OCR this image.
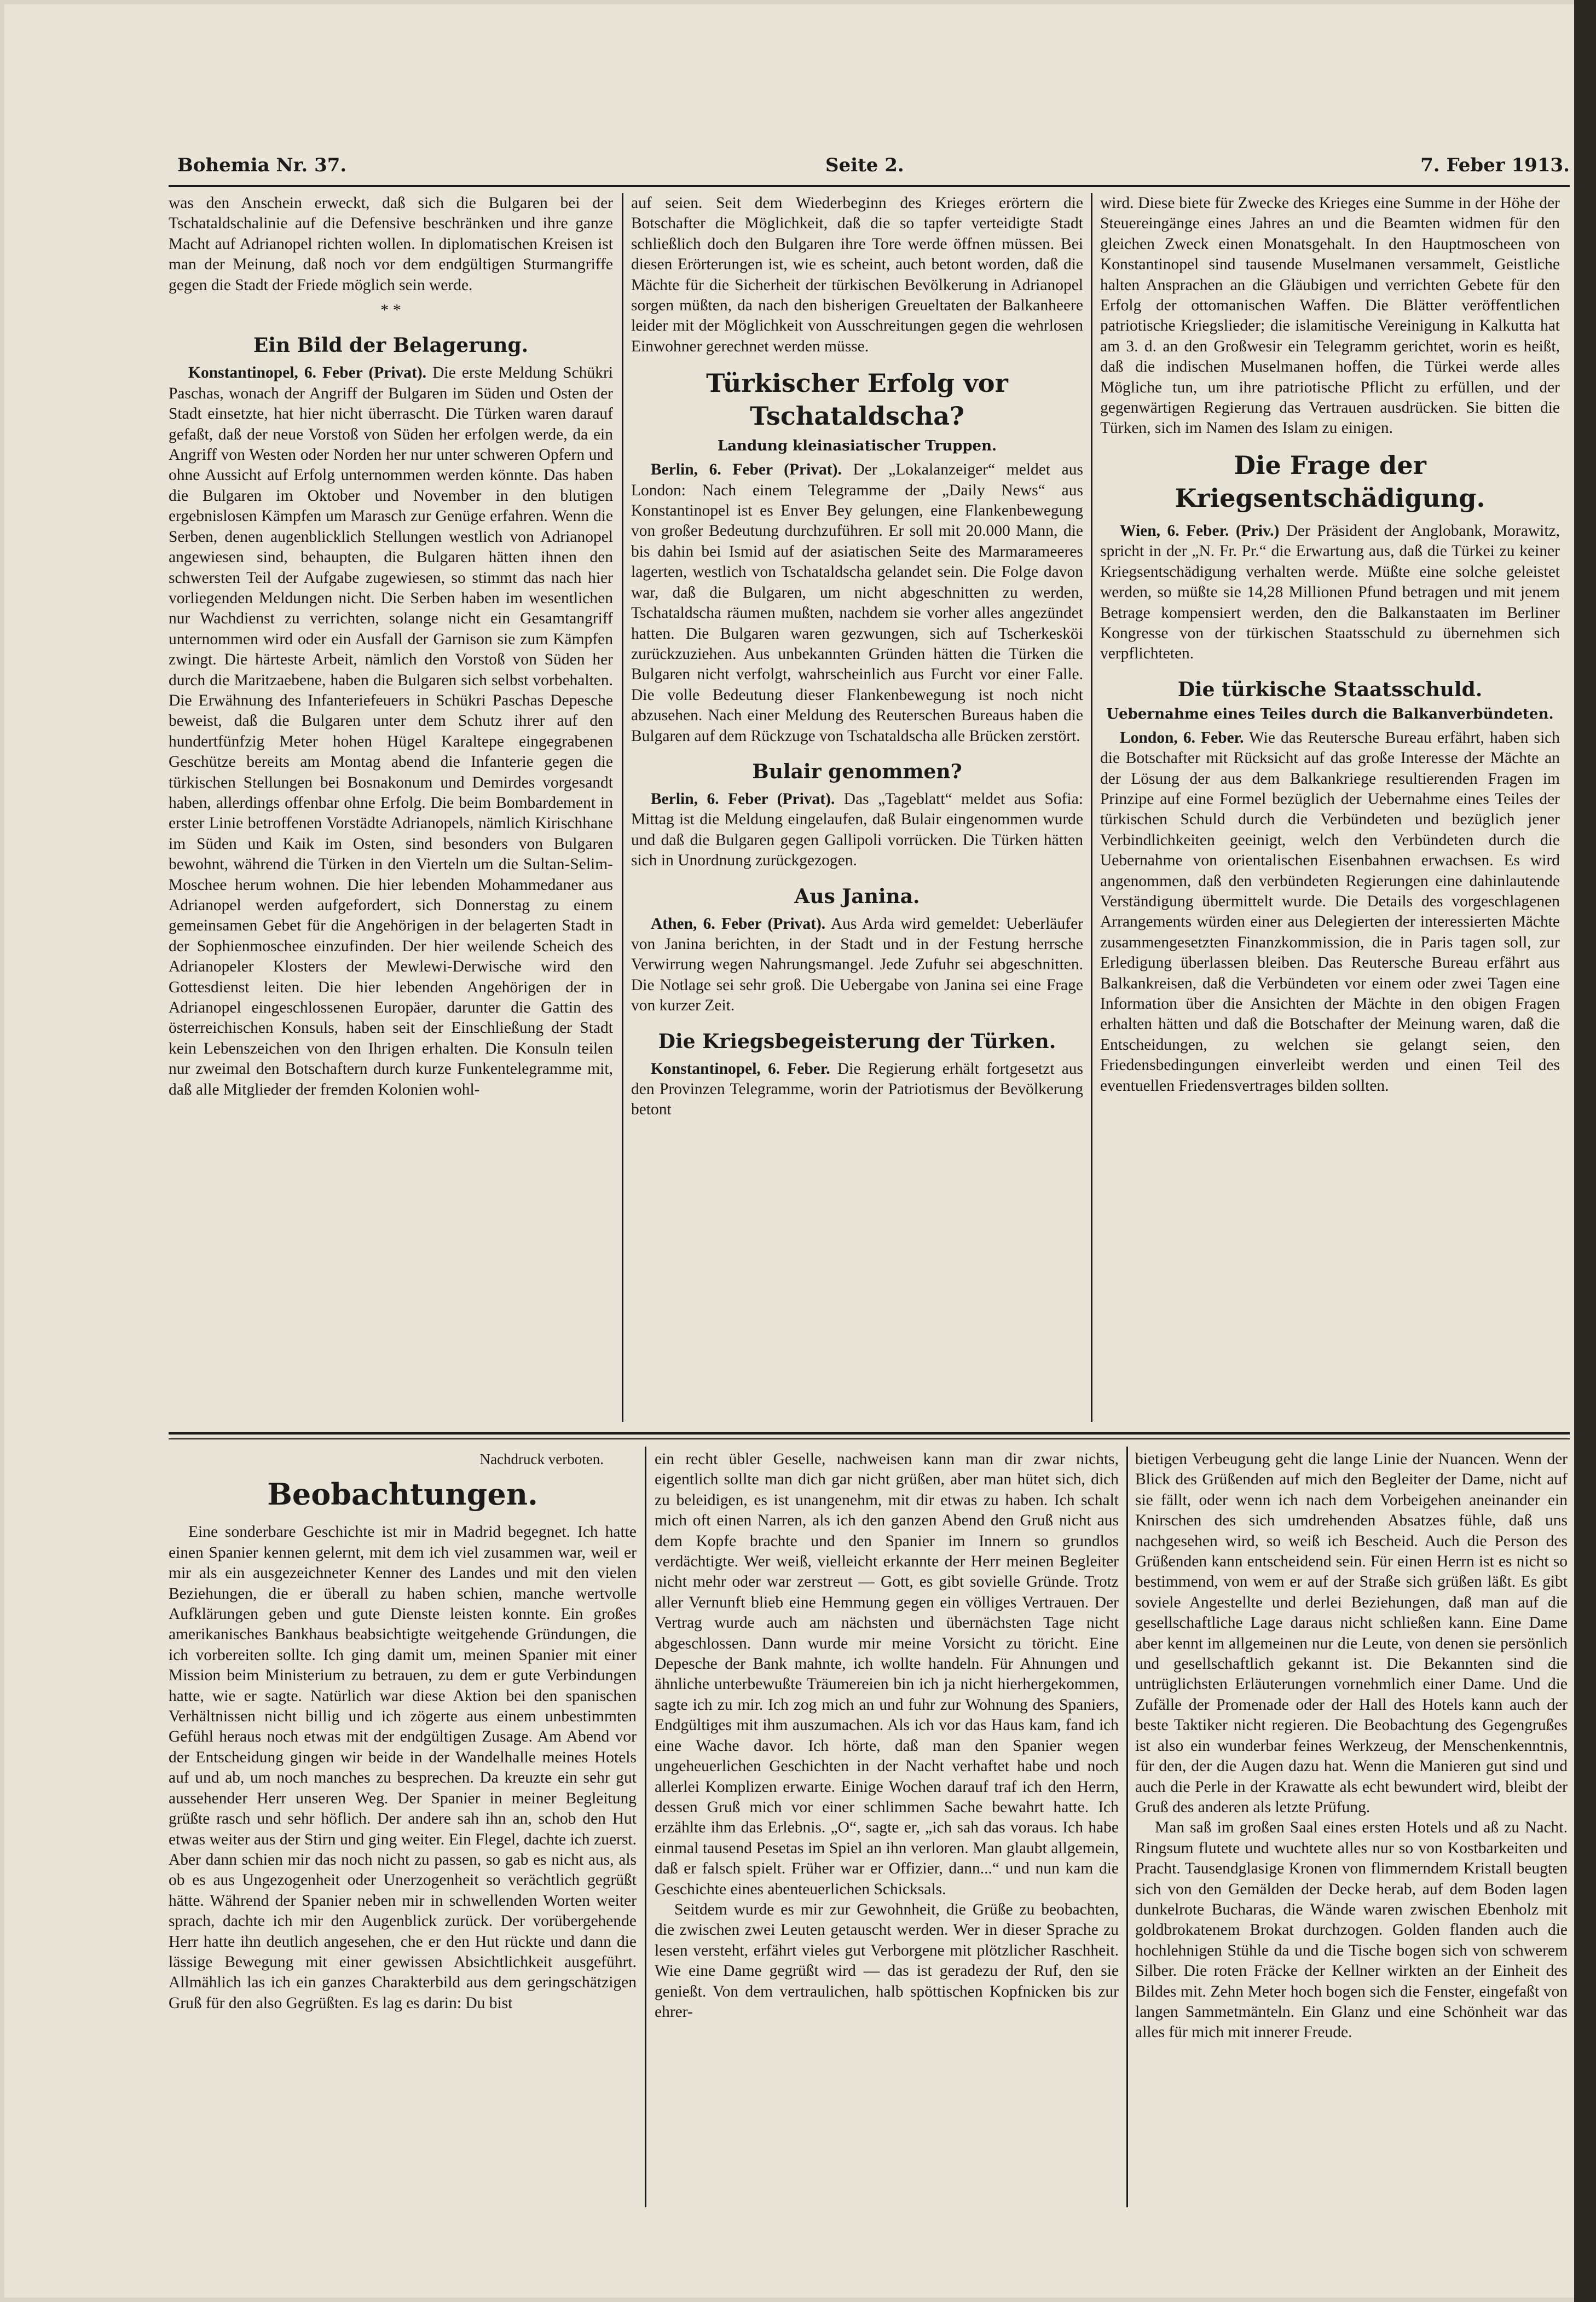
Bohemia Nr. 37.	Seite 2.	7. Feber 1913.

was den Anschein erweckt, daß sich die Bulgaren bei der Tschataldschalinie auf die Defensive beschränken und ihre ganze Macht auf Adrianopel richten wollen. In diplomatischen Kreisen ist man der Meinung, daß noch vor dem endgültigen Sturmangriffe gegen die Stadt der Friede möglich sein werde.

* *
Ein Bild der Belagerung.

Konstantinopel, 6. Feber (Privat). Die erste Meldung Schükri Paschas, wonach der Angriff der Bulgaren im Süden und Osten der Stadt einsetzte, hat hier nicht überrascht. Die Türken waren darauf gefaßt, daß der neue Vorstoß von Süden her erfolgen werde, da ein Angriff von Westen oder Norden her nur unter schweren Opfern und ohne Aussicht auf Erfolg unternommen werden könnte. Das haben die Bulgaren im Oktober und November in den blutigen ergebnislosen Kämpfen um Marasch zur Genüge erfahren. Wenn die Serben, denen augenblicklich Stellungen westlich von Adrianopel angewiesen sind, behaupten, die Bulgaren hätten ihnen den schwersten Teil der Aufgabe zugewiesen, so stimmt das nach hier vorliegenden Meldungen nicht. Die Serben haben im wesentlichen nur Wachdienst zu verrichten, solange nicht ein Gesamtangriff unternommen wird oder ein Ausfall der Garnison sie zum Kämpfen zwingt. Die härteste Arbeit, nämlich den Vorstoß von Süden her durch die Maritzaebene, haben die Bulgaren sich selbst vorbehalten. Die Erwähnung des Infanteriefeuers in Schükri Paschas Depesche beweist, daß die Bulgaren unter dem Schutz ihrer auf den hundertfünfzig Meter hohen Hügel Karaltepe eingegrabenen Geschütze bereits am Montag abend die Infanterie gegen die türkischen Stellungen bei Bosnakonum und Demirdes vorgesandt haben, allerdings offenbar ohne Erfolg. Die beim Bombardement in erster Linie betroffenen Vorstädte Adrianopels, nämlich Kirischhane im Süden und Kaik im Osten, sind besonders von Bulgaren bewohnt, während die Türken in den Vierteln um die Sultan-Selim-Moschee herum wohnen. Die hier lebenden Mohammedaner aus Adrianopel werden aufgefordert, sich Donnerstag zu einem gemeinsamen Gebet für die Angehörigen in der belagerten Stadt in der Sophienmoschee einzufinden. Der hier weilende Scheich des Adrianopeler Klosters der Mewlewi-Derwische wird den Gottesdienst leiten. Die hier lebenden Angehörigen der in Adrianopel eingeschlossenen Europäer, darunter die Gattin des österreichischen Konsuls, haben seit der Einschließung der Stadt kein Lebenszeichen von den Ihrigen erhalten. Die Konsuln teilen nur zweimal den Botschaftern durch kurze Funkentelegramme mit, daß alle Mitglieder der fremden Kolonien wohl-

auf seien. Seit dem Wiederbeginn des Krieges erörtern die Botschafter die Möglichkeit, daß die so tapfer verteidigte Stadt schließlich doch den Bulgaren ihre Tore werde öffnen müssen. Bei diesen Erörterungen ist, wie es scheint, auch betont worden, daß die Mächte für die Sicherheit der türkischen Bevölkerung in Adrianopel sorgen müßten, da nach den bisherigen Greueltaten der Balkanheere leider mit der Möglichkeit von Ausschreitungen gegen die wehrlosen Einwohner gerechnet werden müsse.

Türkischer Erfolg vor Tschataldscha?
Landung kleinasiatischer Truppen.

Berlin, 6. Feber (Privat). Der „Lokalanzeiger“ meldet aus London: Nach einem Telegramme der „Daily News“ aus Konstantinopel ist es Enver Bey gelungen, eine Flankenbewegung von großer Bedeutung durchzuführen. Er soll mit 20.000 Mann, die bis dahin bei Ismid auf der asiatischen Seite des Marmarameeres lagerten, westlich von Tschataldscha gelandet sein. Die Folge davon war, daß die Bulgaren, um nicht abgeschnitten zu werden, Tschataldscha räumen mußten, nachdem sie vorher alles angezündet hatten. Die Bulgaren waren gezwungen, sich auf Tscherkesköi zurückzuziehen. Aus unbekannten Gründen hätten die Türken die Bulgaren nicht verfolgt, wahrscheinlich aus Furcht vor einer Falle. Die volle Bedeutung dieser Flankenbewegung ist noch nicht abzusehen. Nach einer Meldung des Reuterschen Bureaus haben die Bulgaren auf dem Rückzuge von Tschataldscha alle Brücken zerstört.

Bulair genommen?

Berlin, 6. Feber (Privat). Das „Tageblatt“ meldet aus Sofia: Mittag ist die Meldung eingelaufen, daß Bulair eingenommen wurde und daß die Bulgaren gegen Gallipoli vorrücken. Die Türken hätten sich in Unordnung zurückgezogen.

Aus Janina.

Athen, 6. Feber (Privat). Aus Arda wird gemeldet: Ueberläufer von Janina berichten, in der Stadt und in der Festung herrsche Verwirrung wegen Nahrungsmangel. Jede Zufuhr sei abgeschnitten. Die Notlage sei sehr groß. Die Uebergabe von Janina sei eine Frage von kurzer Zeit.

Die Kriegsbegeisterung der Türken.

Konstantinopel, 6. Feber. Die Regierung erhält fortgesetzt aus den Provinzen Telegramme, worin der Patriotismus der Bevölkerung betont

wird. Diese biete für Zwecke des Krieges eine Summe in der Höhe der Steuereingänge eines Jahres an und die Beamten widmen für den gleichen Zweck einen Monatsgehalt. In den Hauptmoscheen von Konstantinopel sind tausende Muselmanen versammelt, Geistliche halten Ansprachen an die Gläubigen und verrichten Gebete für den Erfolg der ottomanischen Waffen. Die Blätter veröffentlichen patriotische Kriegslieder; die islamitische Vereinigung in Kalkutta hat am 3. d. an den Großwesir ein Telegramm gerichtet, worin es heißt, daß die indischen Muselmanen hoffen, die Türkei werde alles Mögliche tun, um ihre patriotische Pflicht zu erfüllen, und der gegenwärtigen Regierung das Vertrauen ausdrücken. Sie bitten die Türken, sich im Namen des Islam zu einigen.

Die Frage der Kriegsentschädigung.

Wien, 6. Feber. (Priv.) Der Präsident der Anglobank, Morawitz, spricht in der „N. Fr. Pr.“ die Erwartung aus, daß die Türkei zu keiner Kriegsentschädigung verhalten werde. Müßte eine solche geleistet werden, so müßte sie 14,28 Millionen Pfund betragen und mit jenem Betrage kompensiert werden, den die Balkanstaaten im Berliner Kongresse von der türkischen Staatsschuld zu übernehmen sich verpflichteten.

Die türkische Staatsschuld.
Uebernahme eines Teiles durch die Balkanverbündeten.

London, 6. Feber. Wie das Reutersche Bureau erfährt, haben sich die Botschafter mit Rücksicht auf das große Interesse der Mächte an der Lösung der aus dem Balkankriege resultierenden Fragen im Prinzipe auf eine Formel bezüglich der Uebernahme eines Teiles der türkischen Schuld durch die Verbündeten und bezüglich jener Verbindlichkeiten geeinigt, welch den Verbündeten durch die Uebernahme von orientalischen Eisenbahnen erwachsen. Es wird angenommen, daß den verbündeten Regierungen eine dahinlautende Verständigung übermittelt wurde. Die Details des vorgeschlagenen Arrangements würden einer aus Delegierten der interessierten Mächte zusammengesetzten Finanzkommission, die in Paris tagen soll, zur Erledigung überlassen bleiben. Das Reutersche Bureau erfährt aus Balkankreisen, daß die Verbündeten vor einem oder zwei Tagen eine Information über die Ansichten der Mächte in den obigen Fragen erhalten hätten und daß die Botschafter der Meinung waren, daß die Entscheidungen, zu welchen sie gelangt seien, den Friedensbedingungen einverleibt werden und einen Teil des eventuellen Friedensvertrages bilden sollten.

Nachdruck verboten.
Beobachtungen.

Eine sonderbare Geschichte ist mir in Madrid begegnet. Ich hatte einen Spanier kennen gelernt, mit dem ich viel zusammen war, weil er mir als ein ausgezeichneter Kenner des Landes und mit den vielen Beziehungen, die er überall zu haben schien, manche wertvolle Aufklärungen geben und gute Dienste leisten konnte. Ein großes amerikanisches Bankhaus beabsichtigte weitgehende Gründungen, die ich vorbereiten sollte. Ich ging damit um, meinen Spanier mit einer Mission beim Ministerium zu betrauen, zu dem er gute Verbindungen hatte, wie er sagte. Natürlich war diese Aktion bei den spanischen Verhältnissen nicht billig und ich zögerte aus einem unbestimmten Gefühl heraus noch etwas mit der endgültigen Zusage. Am Abend vor der Entscheidung gingen wir beide in der Wandelhalle meines Hotels auf und ab, um noch manches zu besprechen. Da kreuzte ein sehr gut aussehender Herr unseren Weg. Der Spanier in meiner Begleitung grüßte rasch und sehr höflich. Der andere sah ihn an, schob den Hut etwas weiter aus der Stirn und ging weiter. Ein Flegel, dachte ich zuerst. Aber dann schien mir das noch nicht zu passen, so gab es nicht aus, als ob es aus Ungezogenheit oder Unerzogenheit so verächtlich gegrüßt hätte. Während der Spanier neben mir in schwellenden Worten weiter sprach, dachte ich mir den Augenblick zurück. Der vorübergehende Herr hatte ihn deutlich angesehen, che er den Hut rückte und dann die lässige Bewegung mit einer gewissen Absichtlichkeit ausgeführt. Allmählich las ich ein ganzes Charakterbild aus dem geringschätzigen Gruß für den also Gegrüßten. Es lag es darin: Du bist

ein recht übler Geselle, nachweisen kann man dir zwar nichts, eigentlich sollte man dich gar nicht grüßen, aber man hütet sich, dich zu beleidigen, es ist unangenehm, mit dir etwas zu haben. Ich schalt mich oft einen Narren, als ich den ganzen Abend den Gruß nicht aus dem Kopfe brachte und den Spanier im Innern so grundlos verdächtigte. Wer weiß, vielleicht erkannte der Herr meinen Begleiter nicht mehr oder war zerstreut — Gott, es gibt sovielle Gründe. Trotz aller Vernunft blieb eine Hemmung gegen ein völliges Vertrauen. Der Vertrag wurde auch am nächsten und übernächsten Tage nicht abgeschlossen. Dann wurde mir meine Vorsicht zu töricht. Eine Depesche der Bank mahnte, ich wollte handeln. Für Ahnungen und ähnliche unterbewußte Träumereien bin ich ja nicht hierhergekommen, sagte ich zu mir. Ich zog mich an und fuhr zur Wohnung des Spaniers, Endgültiges mit ihm auszumachen. Als ich vor das Haus kam, fand ich eine Wache davor. Ich hörte, daß man den Spanier wegen ungeheuerlichen Geschichten in der Nacht verhaftet habe und noch allerlei Komplizen erwarte. Einige Wochen darauf traf ich den Herrn, dessen Gruß mich vor einer schlimmen Sache bewahrt hatte. Ich erzählte ihm das Erlebnis. „O“, sagte er, „ich sah das voraus. Ich habe einmal tausend Pesetas im Spiel an ihn verloren. Man glaubt allgemein, daß er falsch spielt. Früher war er Offizier, dann...“ und nun kam die Geschichte eines abenteuerlichen Schicksals.

Seitdem wurde es mir zur Gewohnheit, die Grüße zu beobachten, die zwischen zwei Leuten getauscht werden. Wer in dieser Sprache zu lesen versteht, erfährt vieles gut Verborgene mit plötzlicher Raschheit. Wie eine Dame gegrüßt wird — das ist geradezu der Ruf, den sie genießt. Von dem vertraulichen, halb spöttischen Kopfnicken bis zur ehrer-

bietigen Verbeugung geht die lange Linie der Nuancen. Wenn der Blick des Grüßenden auf mich den Begleiter der Dame, nicht auf sie fällt, oder wenn ich nach dem Vorbeigehen aneinander ein Knirschen des sich umdrehenden Absatzes fühle, daß uns nachgesehen wird, so weiß ich Bescheid. Auch die Person des Grüßenden kann entscheidend sein. Für einen Herrn ist es nicht so bestimmend, von wem er auf der Straße sich grüßen läßt. Es gibt soviele Angestellte und derlei Beziehungen, daß man auf die gesellschaftliche Lage daraus nicht schließen kann. Eine Dame aber kennt im allgemeinen nur die Leute, von denen sie persönlich und gesellschaftlich gekannt ist. Die Bekannten sind die untrüglichsten Erläuterungen vornehmlich einer Dame. Und die Zufälle der Promenade oder der Hall des Hotels kann auch der beste Taktiker nicht regieren. Die Beobachtung des Gegengrußes ist also ein wunderbar feines Werkzeug, der Menschenkenntnis, für den, der die Augen dazu hat. Wenn die Manieren gut sind und auch die Perle in der Krawatte als echt bewundert wird, bleibt der Gruß des anderen als letzte Prüfung.

Man saß im großen Saal eines ersten Hotels und aß zu Nacht. Ringsum flutete und wuchtete alles nur so von Kostbarkeiten und Pracht. Tausendglasige Kronen von flimmerndem Kristall beugten sich von den Gemälden der Decke herab, auf dem Boden lagen dunkelrote Bucharas, die Wände waren zwischen Ebenholz mit goldbrokatenem Brokat durchzogen. Golden flanden auch die hochlehnigen Stühle da und die Tische bogen sich von schwerem Silber. Die roten Fräcke der Kellner wirkten an der Einheit des Bildes mit. Zehn Meter hoch bogen sich die Fenster, eingefaßt von langen Sammetmänteln. Ein Glanz und eine Schönheit war das alles für mich mit innerer Freude.
